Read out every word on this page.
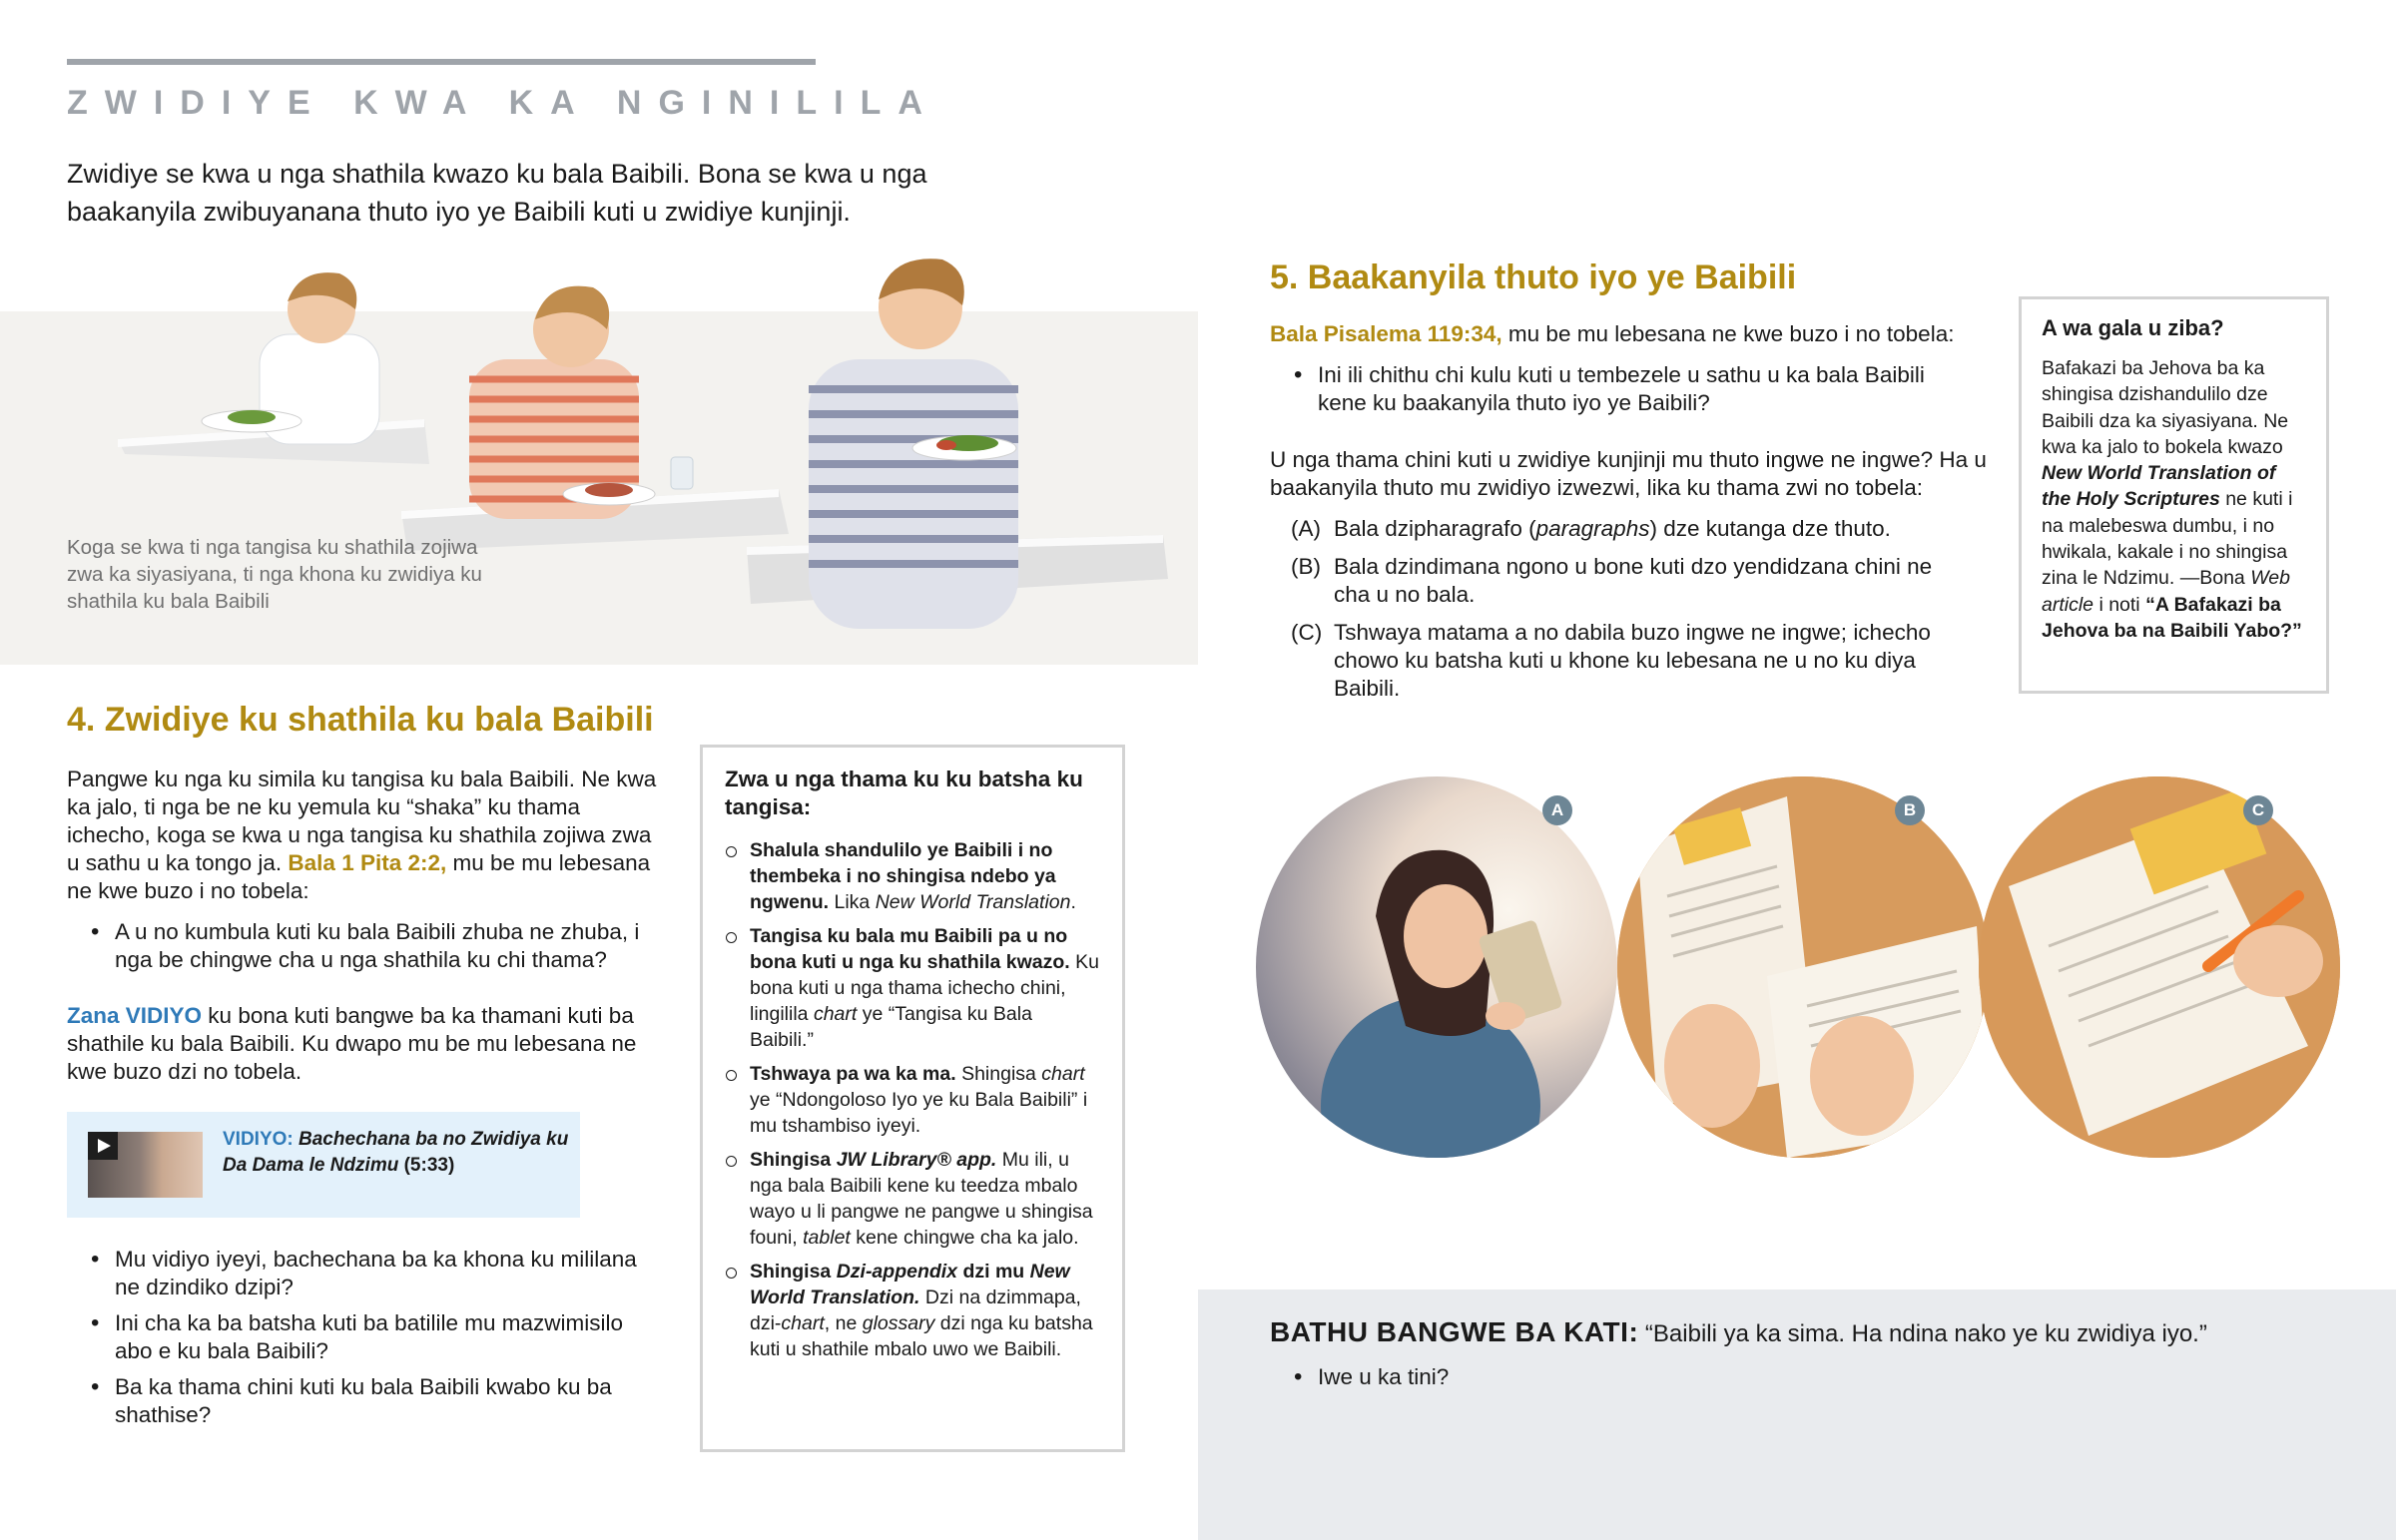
ZWIDIYE KWA KA NGINILILA
Zwidiye se kwa u nga shathila kwazo ku bala Baibili. Bona se kwa u nga baakanyila zwibuyanana thuto iyo ye Baibili kuti u zwidiye kunjinji.
Koga se kwa ti nga tangisa ku shathila zojiwa zwa ka siyasiyana, ti nga khona ku zwidiya ku shathila ku bala Baibili
4. Zwidiye ku shathila ku bala Baibili
Pangwe ku nga ku simila ku tangisa ku bala Baibili. Ne kwa ka jalo, ti nga be ne ku yemula ku “shaka” ku thama ichecho, koga se kwa u nga tangisa ku shathila zojiwa zwa u sathu u ka tongo ja. Bala 1 Pita 2:2, mu be mu lebesana ne kwe buzo i no tobela:
• A u no kumbula kuti ku bala Baibili zhuba ne zhuba, i nga be chingwe cha u nga shathila ku chi thama?
Zana VIDIYO ku bona kuti bangwe ba ka thamani kuti ba shathile ku bala Baibili. Ku dwapo mu be mu lebesana ne kwe buzo dzi no tobela.
VIDIYO: Bachechana ba no Zwidiya ku Da Dama le Ndzimu (5:33)
• Mu vidiyo iyeyi, bachechana ba ka khona ku mililana ne dzindiko dzipi?
• Ini cha ka ba batsha kuti ba batilile mu mazwimisilo abo e ku bala Baibili?
• Ba ka thama chini kuti ku bala Baibili kwabo ku ba shathise?
Zwa u nga thama ku ku batsha ku tangisa:
Shalula shandulilo ye Baibili i no thembeka i no shingisa ndebo ya ngwenu. Lika New World Translation.
Tangisa ku bala mu Baibili pa u no bona kuti u nga ku shathila kwazo. Ku bona kuti u nga thama ichecho chini, lingilila chart ye “Tangisa ku Bala Baibili.”
Tshwaya pa wa ka ma. Shingisa chart ye “Ndongoloso Iyo ye ku Bala Baibili” i mu tshambiso iyeyi.
Shingisa JW Library® app. Mu ili, u nga bala Baibili kene ku teedza mbalo wayo u li pangwe ne pangwe u shingisa founi, tablet kene chingwe cha ka jalo.
Shingisa Dzi-appendix dzi mu New World Translation. Dzi na dzimmapa, dzi-chart, ne glossary dzi nga ku batsha kuti u shathile mbalo uwo we Baibili.
5. Baakanyila thuto iyo ye Baibili
Bala Pisalema 119:34, mu be mu lebesana ne kwe buzo i no tobela:
• Ini ili chithu chi kulu kuti u tembezele u sathu u ka bala Baibili kene ku baakanyila thuto iyo ye Baibili?
U nga thama chini kuti u zwidiye kunjinji mu thuto ingwe ne ingwe? Ha u baakanyila thuto mu zwidiyo izwezwi, lika ku thama zwi no tobela:
(A) Bala dzipharagrafo (paragraphs) dze kutanga dze thuto.
(B) Bala dzindimana ngono u bone kuti dzo yendidzana chini ne cha u no bala.
(C) Tshwaya matama a no dabila buzo ingwe ne ingwe; ichecho chowo ku batsha kuti u khone ku lebesana ne u no ku diya Baibili.
A wa gala u ziba?
Bafakazi ba Jehova ba ka shingisa dzishandulilo dze Baibili dza ka siyasiyana. Ne kwa ka jalo to bokela kwazo New World Translation of the Holy Scriptures ne kuti i na malebeswa dumbu, i no hwikala, kakale i no shingisa zina le Ndzimu. —Bona Web article i noti “A Bafakazi ba Jehova ba na Baibili Yabo?”
A	B	C
BATHU BANGWE BA KATI: “Baibili ya ka sima. Ha ndina nako ye ku zwidiya iyo.”
• Iwe u ka tini?
